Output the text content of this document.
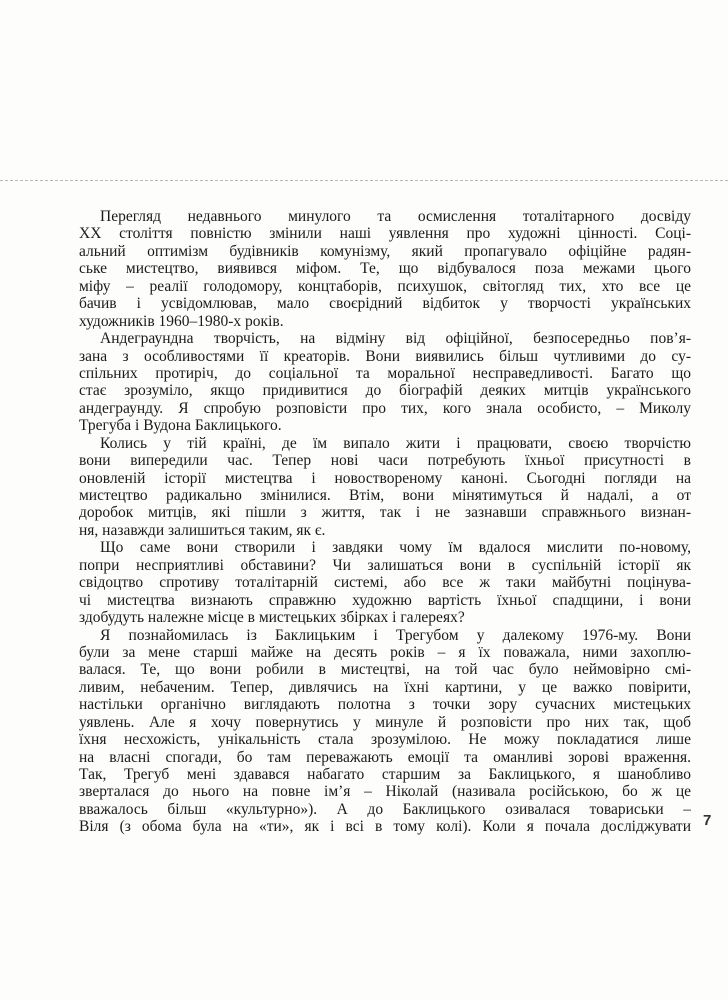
Перегляд недавнього минулого та осмислення тоталітарного досвіду
XX століття повністю змінили наші уявлення про художні цінності. Соці-
альний оптимізм будівників комунізму, який пропагувало офіційне радян-
ське мистецтво, виявився міфом. Те, що відбувалося поза межами цього
міфу – реалії голодомору, концтаборів, психушок, світогляд тих, хто все це
бачив і усвідомлював, мало своєрідний відбиток у творчості українських
художників 1960–1980-х років.
Андеграундна творчість, на відміну від офіційної, безпосередньо пов’я-
зана з особливостями її креаторів. Вони виявились більш чутливими до су-
спільних протиріч, до соціальної та моральної несправедливості. Багато що
стає зрозуміло, якщо придивитися до біографій деяких митців українського
андеграунду. Я спробую розповісти про тих, кого знала особисто, – Миколу
Трегуба і Вудона Баклицького.
Колись у тій країні, де їм випало жити і працювати, своєю творчістю
вони випередили час. Тепер нові часи потребують їхньої присутності в
оновленій історії мистецтва і новоствореному каноні. Сьогодні погляди на
мистецтво радикально змінилися. Втім, вони мінятимуться й надалі, а от
доробок митців, які пішли з життя, так і не зазнавши справжнього визнан-
ня, назавжди залишиться таким, як є.
Що саме вони створили і завдяки чому їм вдалося мислити по-новому,
попри несприятливі обставини? Чи залишаться вони в суспільній історії як
свідоцтво спротиву тоталітарній системі, або все ж таки майбутні поцінува-
чі мистецтва визнають справжню художню вартість їхньої спадщини, і вони
здобудуть належне місце в мистецьких збірках і галереях?
Я познайомилась із Баклицьким і Трегубом у далекому 1976-му. Вони
були за мене старші майже на десять років – я їх поважала, ними захоплю-
валася. Те, що вони робили в мистецтві, на той час було неймовірно смі-
ливим, небаченим. Тепер, дивлячись на їхні картини, у це важко повірити,
настільки органічно виглядають полотна з точки зору сучасних мистецьких
уявлень. Але я хочу повернутись у минуле й розповісти про них так, щоб
їхня несхожість, унікальність стала зрозумілою. Не можу покладатися лише
на власні спогади, бо там переважають емоції та оманливі зорові враження.
Так, Трегуб мені здавався набагато старшим за Баклицького, я шанобливо
зверталася до нього на повне ім’я – Ніколай (називала російською, бо ж це
вважалось більш «культурно»). А до Баклицького озивалася товариськи –
Віля (з обома була на «ти», як і всі в тому колі). Коли я почала досліджувати 7
